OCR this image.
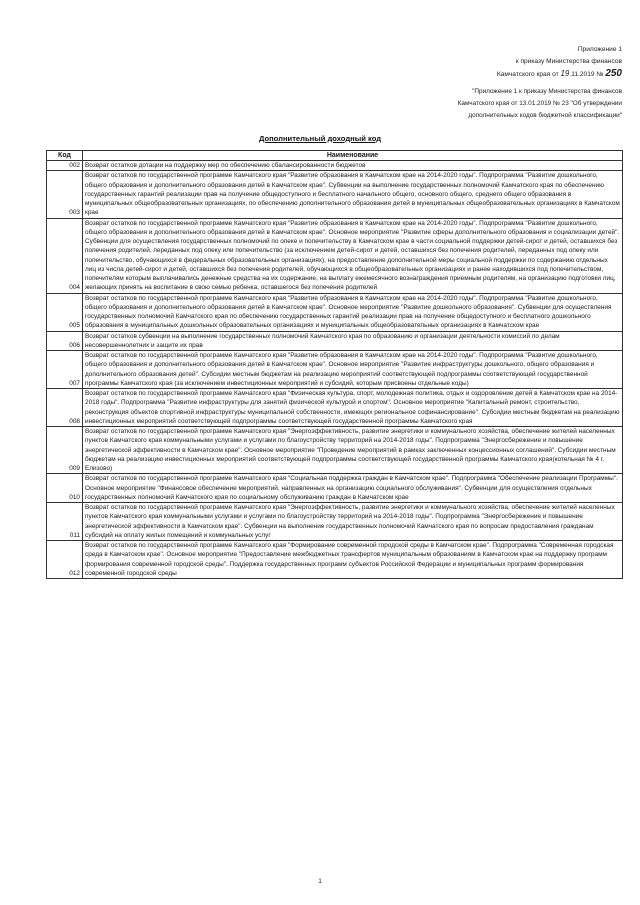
Приложение 1
к приказу Министерства финансов
Камчатского края от 19.11.2019 № 250
"Приложение 1 к приказу Министерства финансов
Камчатского края от 13.01.2019 № 23 "Об утверждении
дополнительных кодов бюджетной классификации"
Дополнительный доходный код
Код	Наименование
002	Возврат остатков дотации на поддержку мер по обеспечению сбалансированности бюджетов
003	Возврат остатков по государственной программе Камчатского края "Развитие образования в Камчатском крае на 2014-2020 годы". Подпрограмма "Развитие дошкольного, общего образования и дополнительного образования детей в Камчатском крае". Субвенции на выполнение государственных полномочий Камчатского края по обеспечению государственных гарантий реализации прав на получение общедоступного и бесплатного начального общего, основного общего, среднего общего образования в муниципальных общеобразовательных организациях, по обеспечению дополнительного образования детей в муниципальных общеобразовательных организациях в Камчатском крае
004	Возврат остатков по государственной программе Камчатского края "Развитие образования в Камчатском крае на 2014-2020 годы". Подпрограмма "Развитие дошкольного, общего образования и дополнительного образования детей в Камчатском крае". Основное мероприятие "Развитие сферы дополнительного образования и социализации детей". Субвенции для осуществления государственных полномочий по опеке и попечительству в Камчатском крае в части социальной поддержки детей-сирот и детей, оставшихся без попечения родителей, переданных под опеку или попечительство (за исключением детей-сирот и детей, оставшихся без попечения родителей, переданных под опеку или попечительство, обучающихся в федеральных образовательных организациях), на предоставление дополнительной меры социальной поддержки по содержанию отдельных лиц из числа детей-сирот и детей, оставшихся без попечения родителей, обучающихся в общеобразовательных организациях и ранее находившихся под попечительством, попечителям которым выплачивались денежные средства на их содержание, на выплату ежемесячного вознаграждения приемным родителям, на организацию подготовки лиц, желающих принять на воспитание в свою семью ребенка, оставшегося без попечения родителей
005	Возврат остатков по государственной программе Камчатского края "Развитие образования в Камчатском крае на 2014-2020 годы". Подпрограмма "Развитие дошкольного, общего образования и дополнительного образования детей в Камчатском крае". Основное мероприятие "Развитие дошкольного образования". Субвенции для осуществления государственных полномочий Камчатского края по обеспечению государственных гарантий реализации прав на получение общедоступного и бесплатного дошкольного образования в муниципальных дошкольных образовательных организациях и муниципальных общеобразовательных организациях в Камчатском крае
006	Возврат остатков субвенции на выполнение государственных полномочий Камчатского края по образованию и организации деятельности комиссий по делам несовершеннолетних и защите их прав
007	Возврат остатков по государственной программе Камчатского края "Развитие образования в Камчатском крае на 2014-2020 годы". Подпрограмма "Развитие дошкольного, общего образования и дополнительного образования детей в Камчатском крае". Основное мероприятие "Развитие инфраструктуры дошкольного, общего образования и дополнительного образования детей". Субсидии местным бюджетам на реализацию мероприятий соответствующей подпрограммы соответствующей государственной программы Камчатского края (за исключением инвестиционных мероприятий и субсидий, которым присвоены отдельные коды)
008	Возврат остатков по государственной программе Камчатского края "Физическая культура, спорт, молодежная политика, отдых и оздоровление детей в Камчатском крае на 2014-2018 годы". Подпрограмма "Развитие инфраструктуры для занятий физической культурой и спортом". Основное мероприятие "Капитальный ремонт, строительство, реконструкция объектов спортивной инфраструктуры муниципальной собственности, имеющих региональное софинансирование". Субсидии местным бюджетам на реализацию инвестиционных мероприятий соответствующей подпрограммы соответствующей государственной программы Камчатского края
009	Возврат остатков по государственной программе Камчатского края "Энергоэффективность, развитие энергетики и коммунального хозяйства, обеспечение жителей населенных пунктов Камчатского края коммунальными услугами и услугами по благоустройству территорий на 2014-2018 годы". Подпрограмма "Энергосбережение и повышение энергетической эффективности в Камчатском крае". Основное мероприятие "Проведение мероприятий в рамках заключенных концессионных соглашений". Субсидии местным бюджетам на реализацию инвестиционных мероприятий соответствующей подпрограммы соответствующей государственной программы Камчатского края(котельная № 4 г. Елизово)
010	Возврат остатков по государственной программе Камчатского края "Социальная поддержка граждан в Камчатском крае". Подпрограмма "Обеспечение реализации Программы". Основное мероприятие "Финансовое обеспечение мероприятий, направленных на организацию социального обслуживания". Субвенции для осуществления отдельных государственных полномочий Камчатского края по социальному обслуживанию граждан в Камчатском крае
011	Возврат остатков по государственной программе Камчатского края "Энергоэффективность, развитие энергетики и коммунального хозяйства, обеспечение жителей населенных пунктов Камчатского края коммунальными услугами и услугами по благоустройству территорий на 2014-2018 годы". Подпрограмма "Энергосбережение и повышение энергетической эффективности в Камчатском крае". Субвенции на выполнение государственных полномочий Камчатского края по вопросам предоставления гражданам субсидий на оплату жилых помещений и коммунальных услуг
012	Возврат остатков по государственной программе Камчатского края "Формирование современной городской среды в Камчатском крае". Подпрограмма "Современная городская среда в Камчатском крае". Основное мероприятие "Предоставление межбюджетных трансфертов муниципальным образованиям в Камчатском крае на поддержку программ формирования современной городской среды". Поддержка государственных программ субъектов Российской Федерации и муниципальных программ формирования современной городской среды
1
